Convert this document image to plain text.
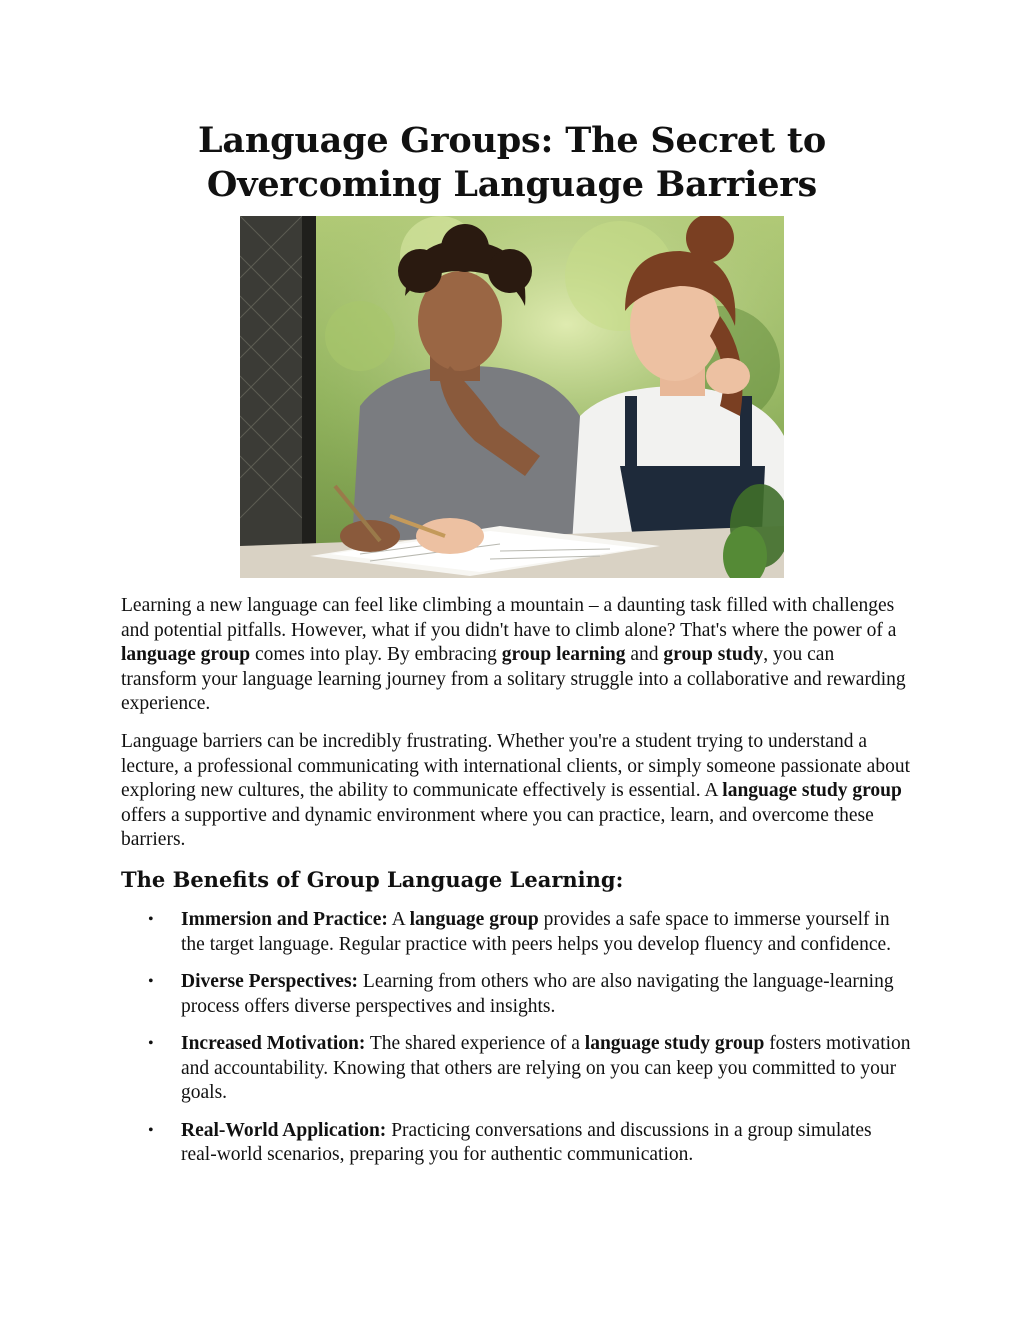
Language Groups: The Secret to Overcoming Language Barriers

Learning a new language can feel like climbing a mountain – a daunting task filled with challenges and potential pitfalls. However, what if you didn't have to climb alone? That's where the power of a language group comes into play. By embracing group learning and group study, you can transform your language learning journey from a solitary struggle into a collaborative and rewarding experience.

Language barriers can be incredibly frustrating. Whether you're a student trying to understand a lecture, a professional communicating with international clients, or simply someone passionate about exploring new cultures, the ability to communicate effectively is essential. A language study group offers a supportive and dynamic environment where you can practice, learn, and overcome these barriers.

The Benefits of Group Language Learning:
• Immersion and Practice: A language group provides a safe space to immerse yourself in the target language. Regular practice with peers helps you develop fluency and confidence.
• Diverse Perspectives: Learning from others who are also navigating the language-learning process offers diverse perspectives and insights.
• Increased Motivation: The shared experience of a language study group fosters motivation and accountability. Knowing that others are relying on you can keep you committed to your goals.
• Real-World Application: Practicing conversations and discussions in a group simulates real-world scenarios, preparing you for authentic communication.
